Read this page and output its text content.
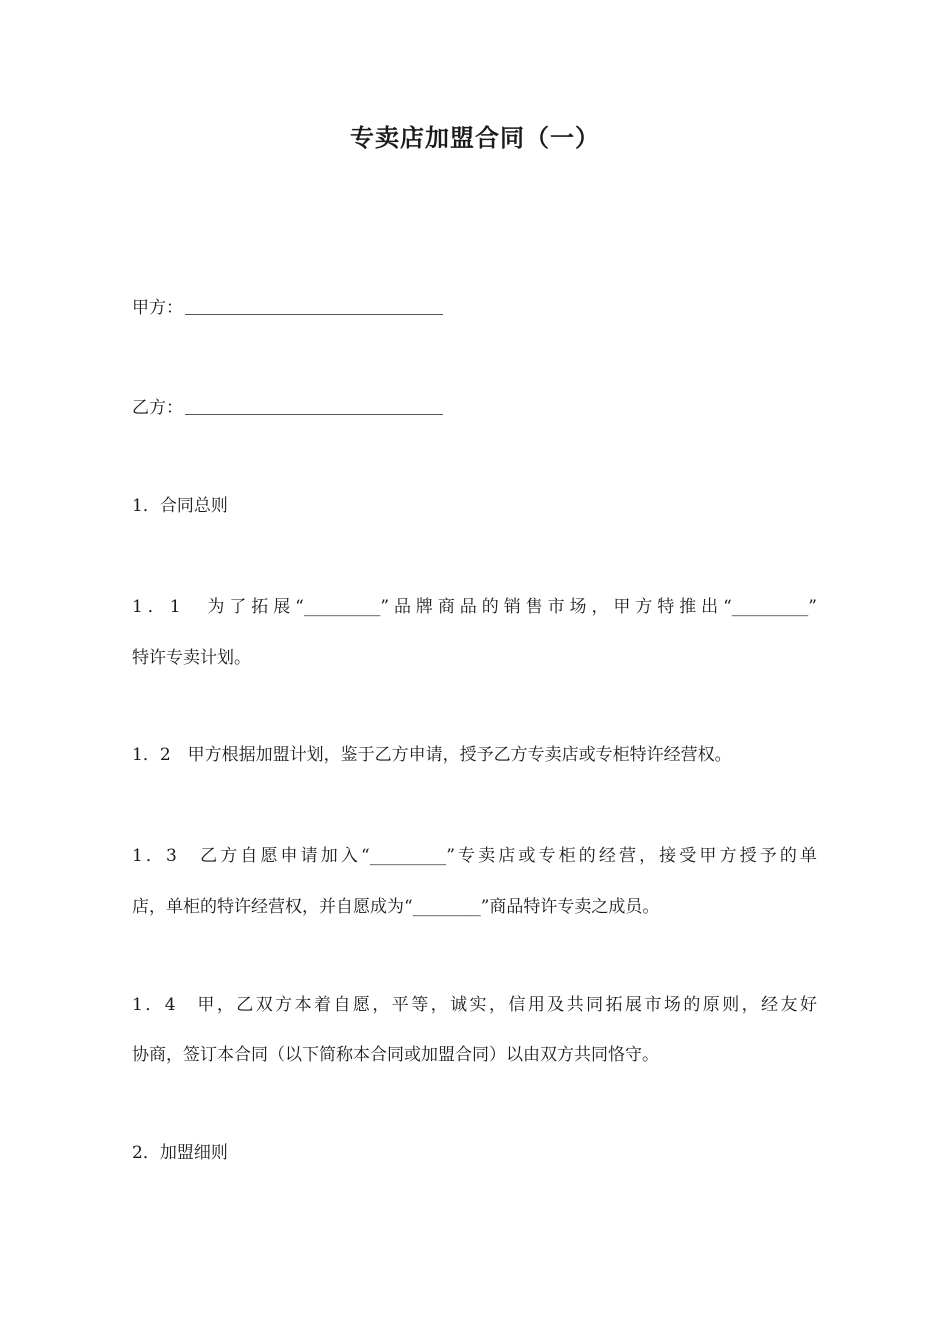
专卖店加盟合同（一）
甲方：
乙方：
1．合同总则
1．1　为了拓展“_________”品牌商品的销售市场，甲方特推出“_________”
特许专卖计划。
1．2　甲方根据加盟计划，鉴于乙方申请，授予乙方专卖店或专柜特许经营权。
1．3　乙方自愿申请加入“_________”专卖店或专柜的经营，接受甲方授予的单
店，单柜的特许经营权，并自愿成为“________”商品特许专卖之成员。
1．4　甲，乙双方本着自愿，平等，诚实，信用及共同拓展市场的原则，经友好
协商，签订本合同（以下简称本合同或加盟合同）以由双方共同恪守。
2．加盟细则
